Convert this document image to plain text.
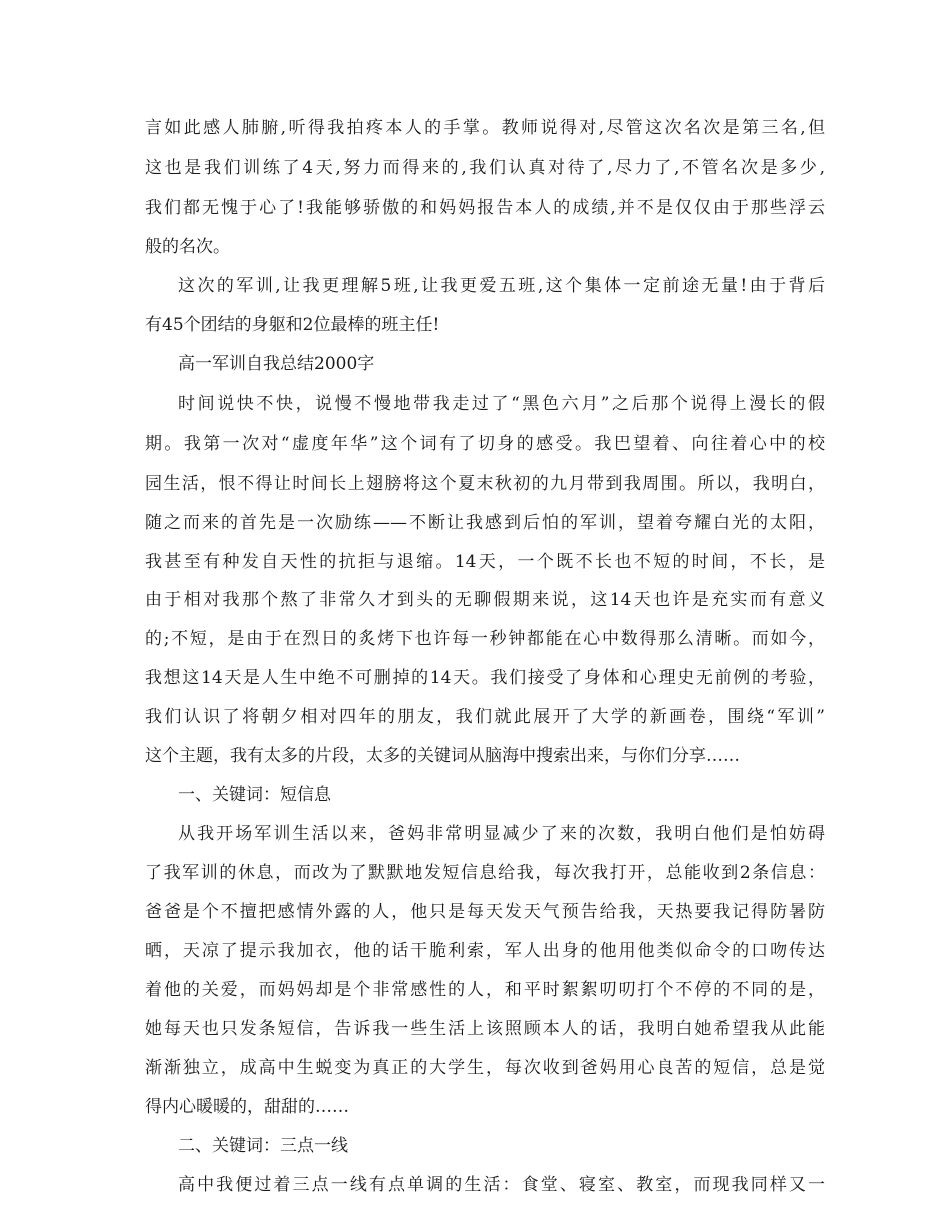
言如此感人肺腑,听得我拍疼本人的手掌。教师说得对,尽管这次名次是第三名,但
这也是我们训练了4天,努力而得来的,我们认真对待了,尽力了,不管名次是多少,
我们都无愧于心了!我能够骄傲的和妈妈报告本人的成绩,并不是仅仅由于那些浮云
般的名次。
这次的军训,让我更理解5班,让我更爱五班,这个集体一定前途无量!由于背后
有45个团结的身躯和2位最棒的班主任!
高一军训自我总结2000字
时间说快不快，说慢不慢地带我走过了“黑色六月”之后那个说得上漫长的假
期。我第一次对“虚度年华”这个词有了切身的感受。我巴望着、向往着心中的校
园生活，恨不得让时间长上翅膀将这个夏末秋初的九月带到我周围。所以，我明白，
随之而来的首先是一次励练——不断让我感到后怕的军训，望着夸耀白光的太阳，
我甚至有种发自天性的抗拒与退缩。14天，一个既不长也不短的时间，不长，是
由于相对我那个熬了非常久才到头的无聊假期来说，这14天也许是充实而有意义
的;不短，是由于在烈日的炙烤下也许每一秒钟都能在心中数得那么清晰。而如今，
我想这14天是人生中绝不可删掉的14天。我们接受了身体和心理史无前例的考验，
我们认识了将朝夕相对四年的朋友，我们就此展开了大学的新画卷，围绕“军训”
这个主题，我有太多的片段，太多的关键词从脑海中搜索出来，与你们分享……
一、关键词：短信息
从我开场军训生活以来，爸妈非常明显减少了来的次数，我明白他们是怕妨碍
了我军训的休息，而改为了默默地发短信息给我，每次我打开，总能收到2条信息：
爸爸是个不擅把感情外露的人，他只是每天发天气预告给我，天热要我记得防暑防
晒，天凉了提示我加衣，他的话干脆利索，军人出身的他用他类似命令的口吻传达
着他的关爱，而妈妈却是个非常感性的人，和平时絮絮叨叨打个不停的不同的是，
她每天也只发条短信，告诉我一些生活上该照顾本人的话，我明白她希望我从此能
渐渐独立，成高中生蜕变为真正的大学生，每次收到爸妈用心良苦的短信，总是觉
得内心暖暖的，甜甜的……
二、关键词：三点一线
高中我便过着三点一线有点单调的生活：食堂、寝室、教室，而现我同样又一
